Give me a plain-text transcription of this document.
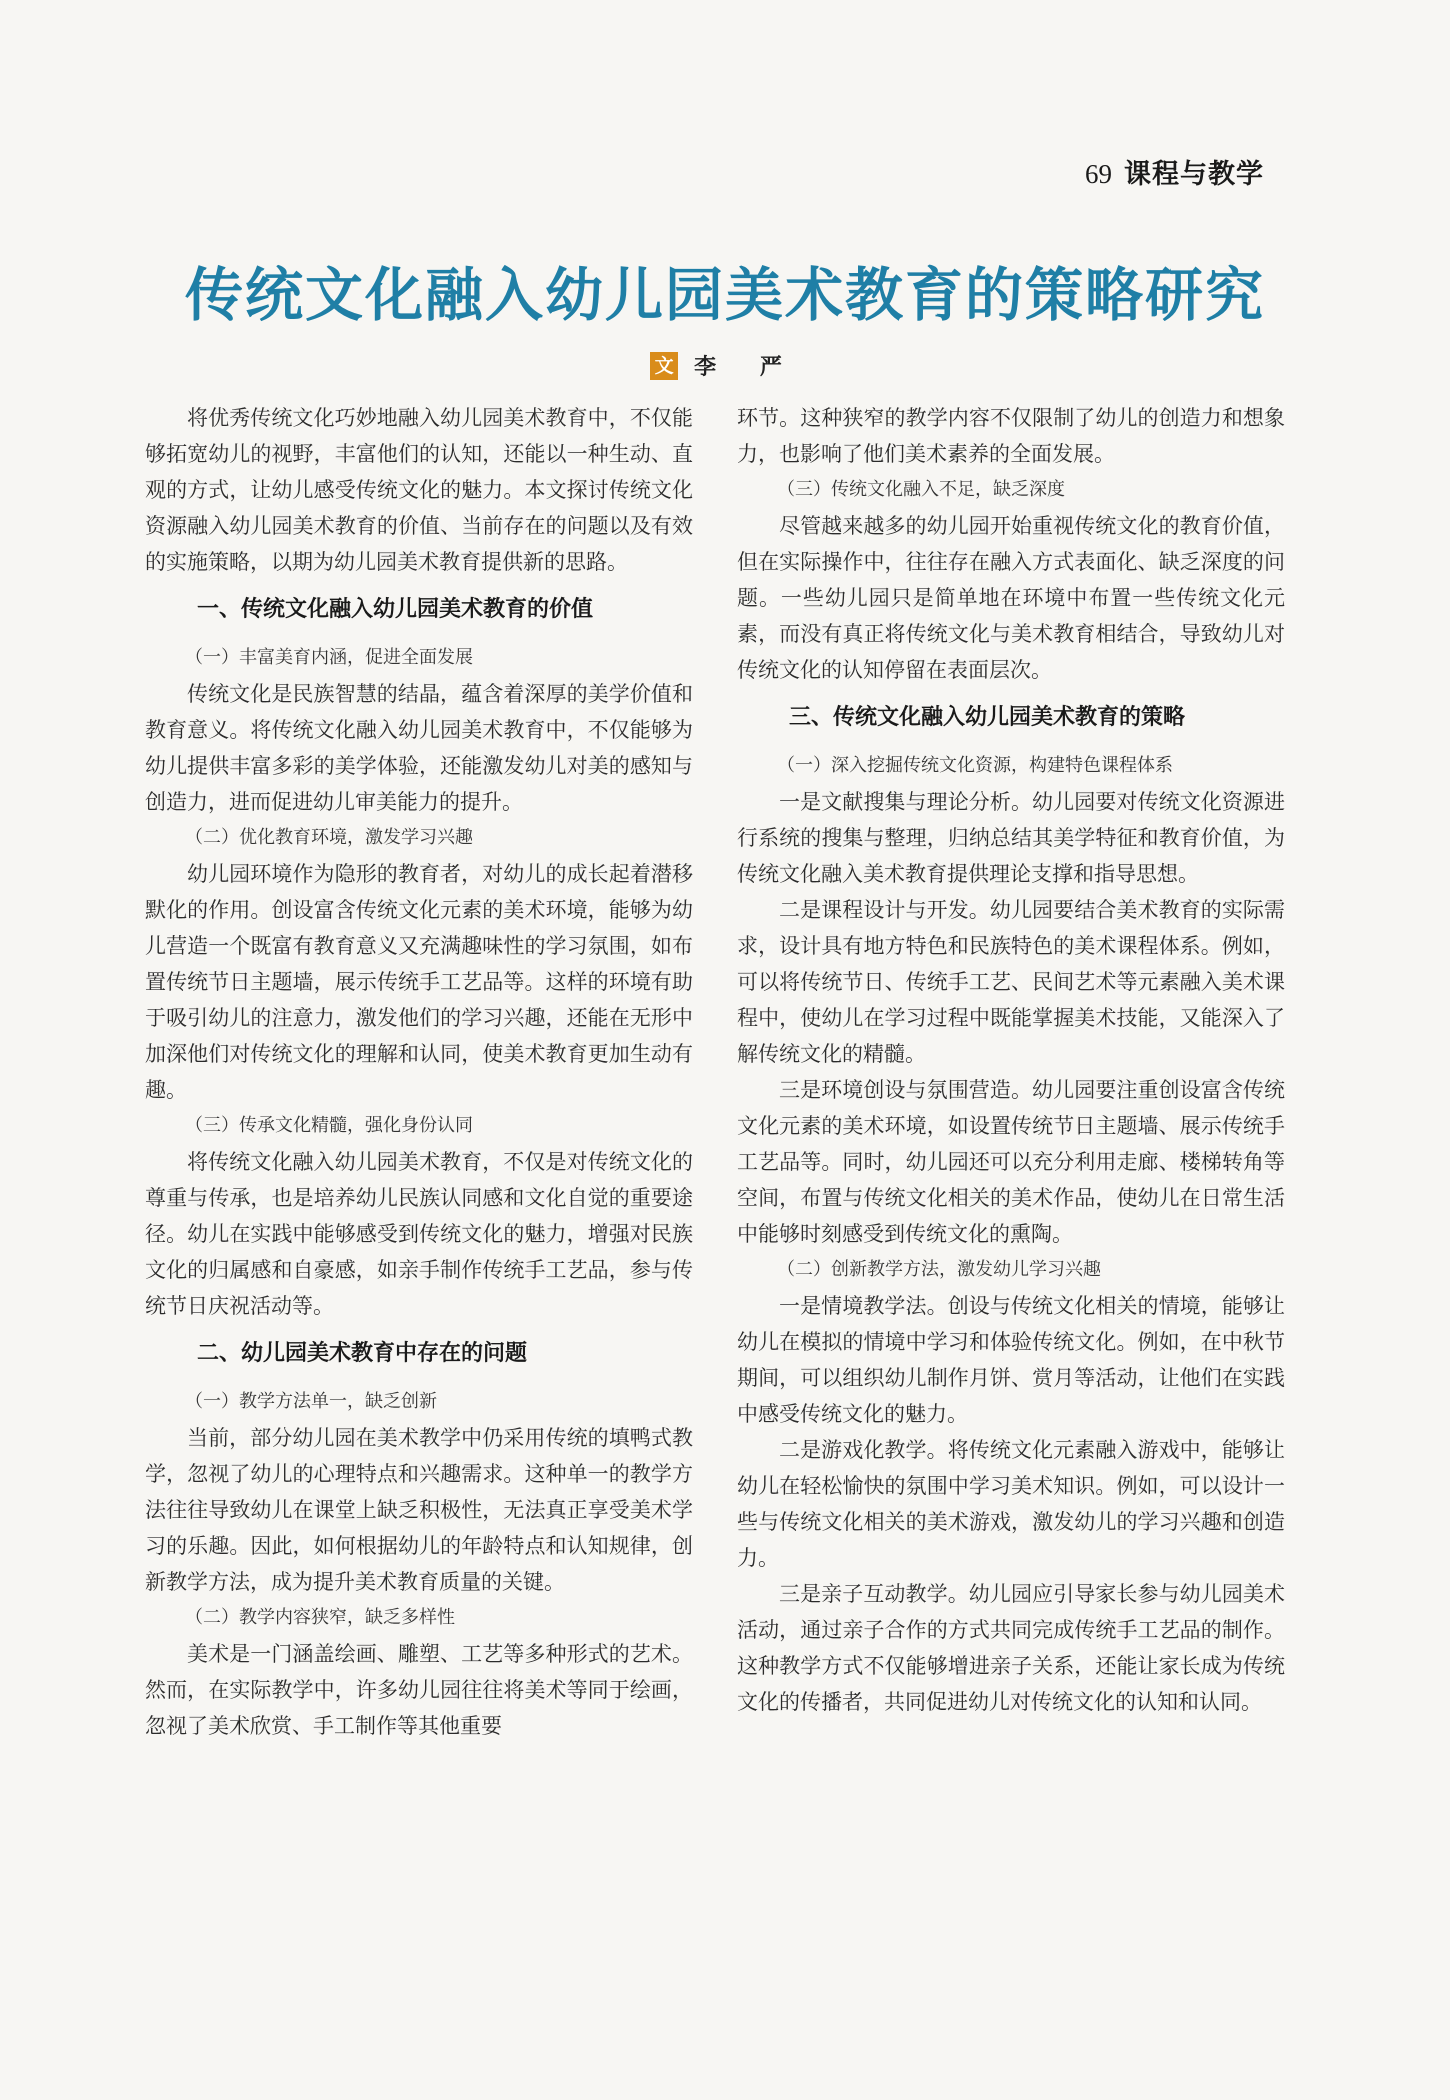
69 课程与教学
传统文化融入幼儿园美术教育的策略研究
文 李 严

将优秀传统文化巧妙地融入幼儿园美术教育中，不仅能够拓宽幼儿的视野，丰富他们的认知，还能以一种生动、直观的方式，让幼儿感受传统文化的魅力。本文探讨传统文化资源融入幼儿园美术教育的价值、当前存在的问题以及有效的实施策略，以期为幼儿园美术教育提供新的思路。

一、传统文化融入幼儿园美术教育的价值
（一）丰富美育内涵，促进全面发展

传统文化是民族智慧的结晶，蕴含着深厚的美学价值和教育意义。将传统文化融入幼儿园美术教育中，不仅能够为幼儿提供丰富多彩的美学体验，还能激发幼儿对美的感知与创造力，进而促进幼儿审美能力的提升。

（二）优化教育环境，激发学习兴趣

幼儿园环境作为隐形的教育者，对幼儿的成长起着潜移默化的作用。创设富含传统文化元素的美术环境，能够为幼儿营造一个既富有教育意义又充满趣味性的学习氛围，如布置传统节日主题墙，展示传统手工艺品等。这样的环境有助于吸引幼儿的注意力，激发他们的学习兴趣，还能在无形中加深他们对传统文化的理解和认同，使美术教育更加生动有趣。

（三）传承文化精髓，强化身份认同

将传统文化融入幼儿园美术教育，不仅是对传统文化的尊重与传承，也是培养幼儿民族认同感和文化自觉的重要途径。幼儿在实践中能够感受到传统文化的魅力，增强对民族文化的归属感和自豪感，如亲手制作传统手工艺品，参与传统节日庆祝活动等。

二、幼儿园美术教育中存在的问题
（一）教学方法单一，缺乏创新

当前，部分幼儿园在美术教学中仍采用传统的填鸭式教学，忽视了幼儿的心理特点和兴趣需求。这种单一的教学方法往往导致幼儿在课堂上缺乏积极性，无法真正享受美术学习的乐趣。因此，如何根据幼儿的年龄特点和认知规律，创新教学方法，成为提升美术教育质量的关键。

（二）教学内容狭窄，缺乏多样性

美术是一门涵盖绘画、雕塑、工艺等多种形式的艺术。然而，在实际教学中，许多幼儿园往往将美术等同于绘画，忽视了美术欣赏、手工制作等其他重要

环节。这种狭窄的教学内容不仅限制了幼儿的创造力和想象力，也影响了他们美术素养的全面发展。

（三）传统文化融入不足，缺乏深度

尽管越来越多的幼儿园开始重视传统文化的教育价值，但在实际操作中，往往存在融入方式表面化、缺乏深度的问题。一些幼儿园只是简单地在环境中布置一些传统文化元素，而没有真正将传统文化与美术教育相结合，导致幼儿对传统文化的认知停留在表面层次。

三、传统文化融入幼儿园美术教育的策略
（一）深入挖掘传统文化资源，构建特色课程体系

一是文献搜集与理论分析。幼儿园要对传统文化资源进行系统的搜集与整理，归纳总结其美学特征和教育价值，为传统文化融入美术教育提供理论支撑和指导思想。

二是课程设计与开发。幼儿园要结合美术教育的实际需求，设计具有地方特色和民族特色的美术课程体系。例如，可以将传统节日、传统手工艺、民间艺术等元素融入美术课程中，使幼儿在学习过程中既能掌握美术技能，又能深入了解传统文化的精髓。

三是环境创设与氛围营造。幼儿园要注重创设富含传统文化元素的美术环境，如设置传统节日主题墙、展示传统手工艺品等。同时，幼儿园还可以充分利用走廊、楼梯转角等空间，布置与传统文化相关的美术作品，使幼儿在日常生活中能够时刻感受到传统文化的熏陶。

（二）创新教学方法，激发幼儿学习兴趣

一是情境教学法。创设与传统文化相关的情境，能够让幼儿在模拟的情境中学习和体验传统文化。例如，在中秋节期间，可以组织幼儿制作月饼、赏月等活动，让他们在实践中感受传统文化的魅力。

二是游戏化教学。将传统文化元素融入游戏中，能够让幼儿在轻松愉快的氛围中学习美术知识。例如，可以设计一些与传统文化相关的美术游戏，激发幼儿的学习兴趣和创造力。

三是亲子互动教学。幼儿园应引导家长参与幼儿园美术活动，通过亲子合作的方式共同完成传统手工艺品的制作。这种教学方式不仅能够增进亲子关系，还能让家长成为传统文化的传播者，共同促进幼儿对传统文化的认知和认同。
